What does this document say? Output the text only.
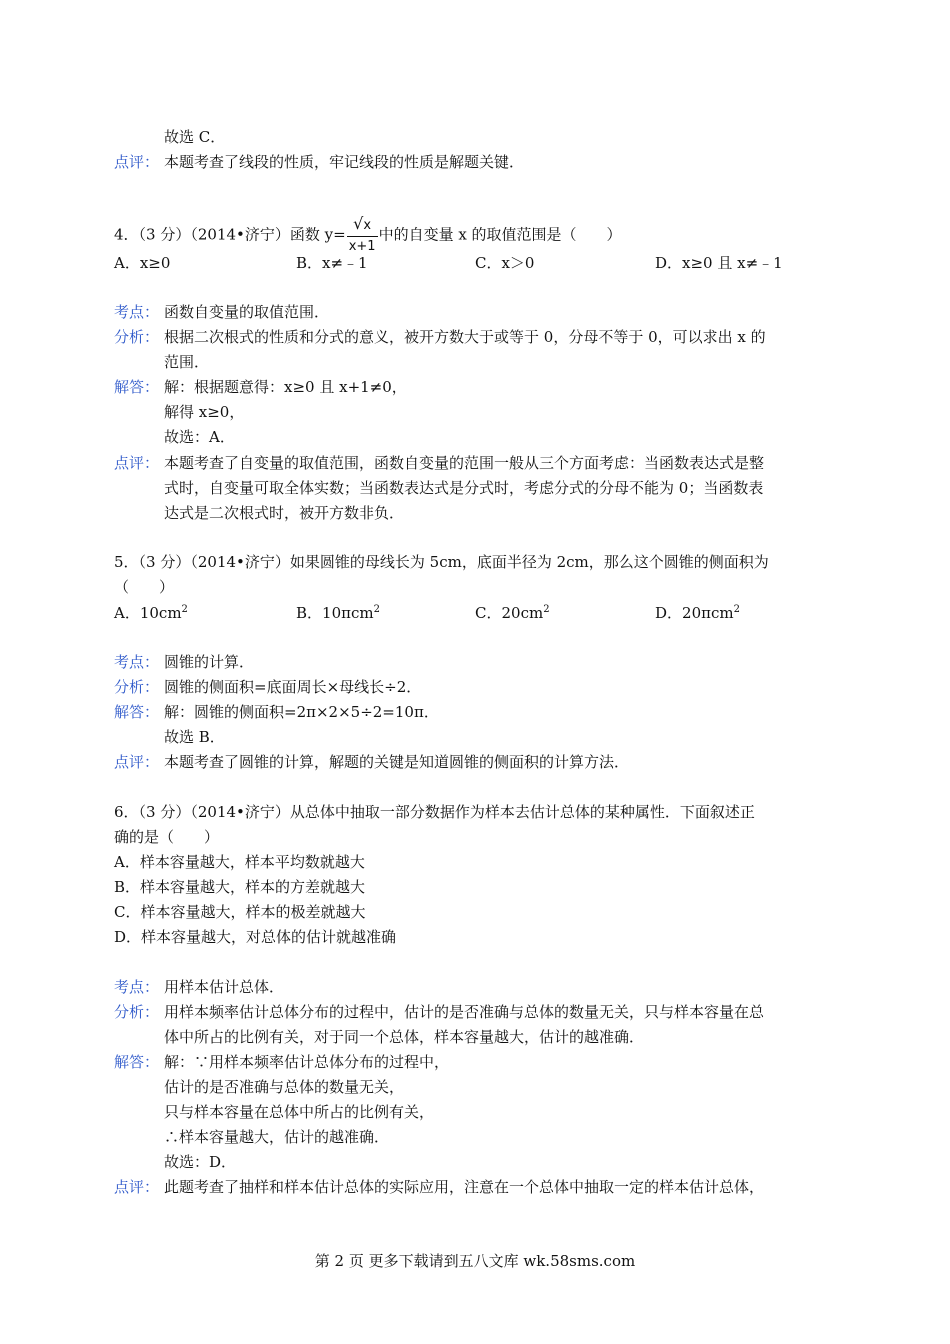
故选 C．
点评： 本题考查了线段的性质，牢记线段的性质是解题关键．
4．（3 分）（2014•济宁）函数 $y= \frac{√x}{x+1}$ 中的自变量 x 的取值范围是（　　）
A．x≥0	B．x≠﹣1	C．x＞0	D．x≥0 且 x≠﹣1
考点： 函数自变量的取值范围．
分析： 根据二次根式的性质和分式的意义，被开方数大于或等于 0，分母不等于 0，可以求出 x 的
范围．
解答： 解：根据题意得：x≥0 且 x+1≠0，
解得 x≥0，
故选：A．
点评： 本题考查了自变量的取值范围，函数自变量的范围一般从三个方面考虑：当函数表达式是整
式时，自变量可取全体实数；当函数表达式是分式时，考虑分式的分母不能为 0；当函数表
达式是二次根式时，被开方数非负．
5．（3 分）（2014•济宁）如果圆锥的母线长为 5cm，底面半径为 2cm，那么这个圆锥的侧面积为
（　　）
A．$10cm^2$	B．10πcm$^2$	C．$20cm^2$	D．20πcm$^2$
考点： 圆锥的计算．
分析： 圆锥的侧面积=底面周长×母线长÷2．
解答： 解：圆锥的侧面积=2π×2×5÷2=10π．
故选 B．
点评： 本题考查了圆锥的计算，解题的关键是知道圆锥的侧面积的计算方法．
6．（3 分）（2014•济宁）从总体中抽取一部分数据作为样本去估计总体的某种属性．下面叙述正
确的是（　　）
A．样本容量越大，样本平均数就越大
B．样本容量越大，样本的方差就越大
C．样本容量越大，样本的极差就越大
D．样本容量越大，对总体的估计就越准确
考点： 用样本估计总体．
分析： 用样本频率估计总体分布的过程中，估计的是否准确与总体的数量无关，只与样本容量在总
体中所占的比例有关，对于同一个总体，样本容量越大，估计的越准确．
解答： 解：∵用样本频率估计总体分布的过程中，
估计的是否准确与总体的数量无关，
只与样本容量在总体中所占的比例有关，
∴样本容量越大，估计的越准确．
故选：D．
点评： 此题考查了抽样和样本估计总体的实际应用，注意在一个总体中抽取一定的样本估计总体，
第 2 页 更多下载请到五八文库 wk.58sms.com
